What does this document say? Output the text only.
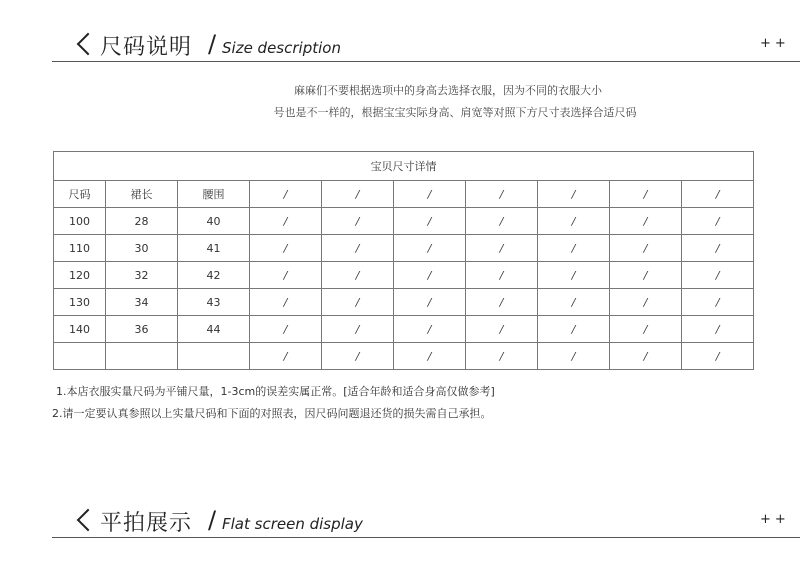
尺码说明 / Size description	++
麻麻们不要根据选项中的身高去选择衣服，因为不同的衣服大小
号也是不一样的，根据宝宝实际身高、肩宽等对照下方尺寸表选择合适尺码
宝贝尺寸详情									
尺码	裙长	腰围	/	/	/	/	/	/	/
100	28	40	/	/	/	/	/	/	/
110	30	41	/	/	/	/	/	/	/
120	32	42	/	/	/	/	/	/	/
130	34	43	/	/	/	/	/	/	/
140	36	44	/	/	/	/	/	/	/
			/	/	/	/	/	/	/
1.本店衣服实量尺码为平铺尺量，1-3cm的误差实属正常。[适合年龄和适合身高仅做参考]
2.请一定要认真参照以上实量尺码和下面的对照表，因尺码问题退还货的损失需自己承担。
平拍展示 / Flat screen display	++
